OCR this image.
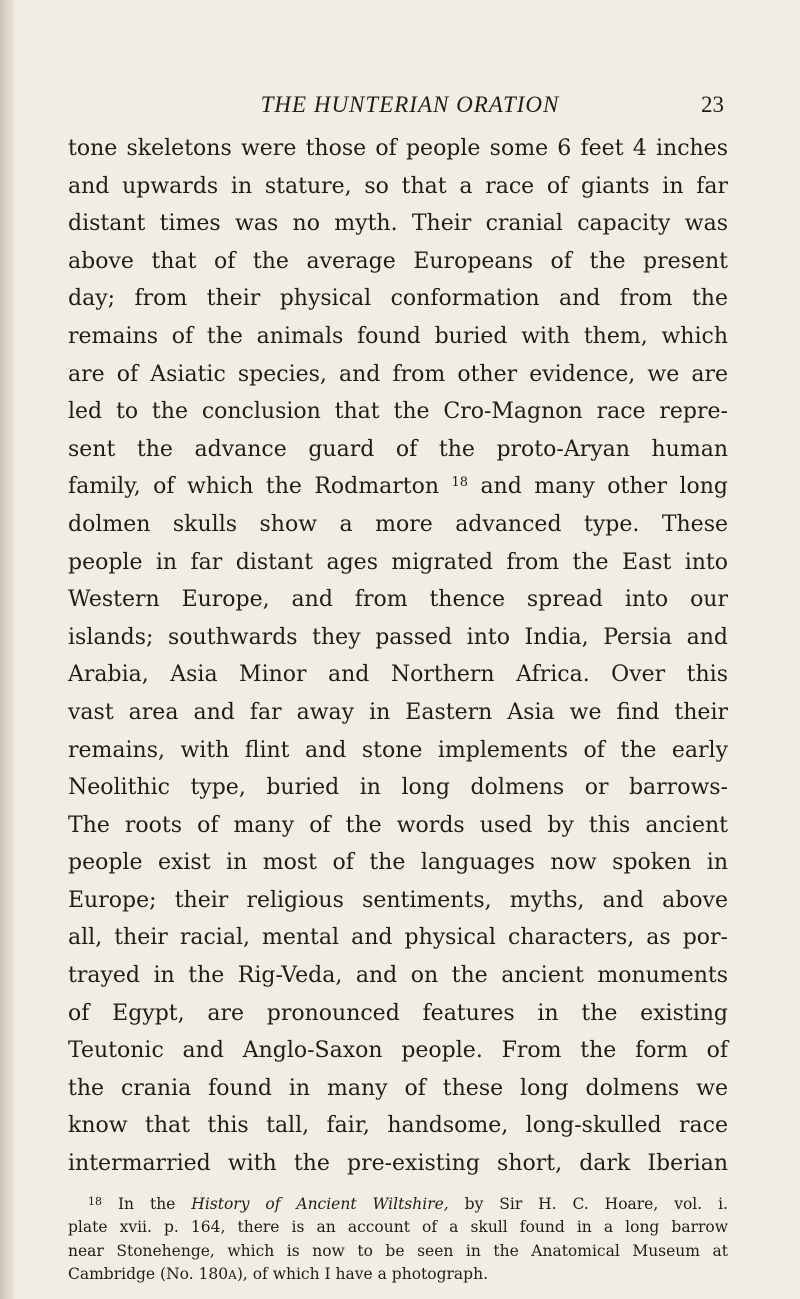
THE HUNTERIAN ORATION	23

tone skeletons were those of people some 6 feet 4 inches
and upwards in stature, so that a race of giants in far
distant times was no myth. Their cranial capacity was
above that of the average Europeans of the present
day; from their physical conformation and from the
remains of the animals found buried with them, which
are of Asiatic species, and from other evidence, we are
led to the conclusion that the Cro-Magnon race repre-
sent the advance guard of the proto-Aryan human
family, of which the Rodmarton $^{18}$ and many other long
dolmen skulls show a more advanced type. These
people in far distant ages migrated from the East into
Western Europe, and from thence spread into our
islands; southwards they passed into India, Persia and
Arabia, Asia Minor and Northern Africa. Over this
vast area and far away in Eastern Asia we find their
remains, with flint and stone implements of the early
Neolithic type, buried in long dolmens or barrows-
The roots of many of the words used by this ancient
people exist in most of the languages now spoken in
Europe; their religious sentiments, myths, and above
all, their racial, mental and physical characters, as por-
trayed in the Rig-Veda, and on the ancient monuments
of Egypt, are pronounced features in the existing
Teutonic and Anglo-Saxon people. From the form of
the crania found in many of these long dolmens we
know that this tall, fair, handsome, long-skulled race
intermarried with the pre-existing short, dark Iberian

$^{18}$ In the History of Ancient Wiltshire, by Sir H. C. Hoare, vol. i.
plate xvii. p. 164, there is an account of a skull found in a long barrow
near Stonehenge, which is now to be seen in the Anatomical Museum at
Cambridge (No. 180A), of which I have a photograph.
